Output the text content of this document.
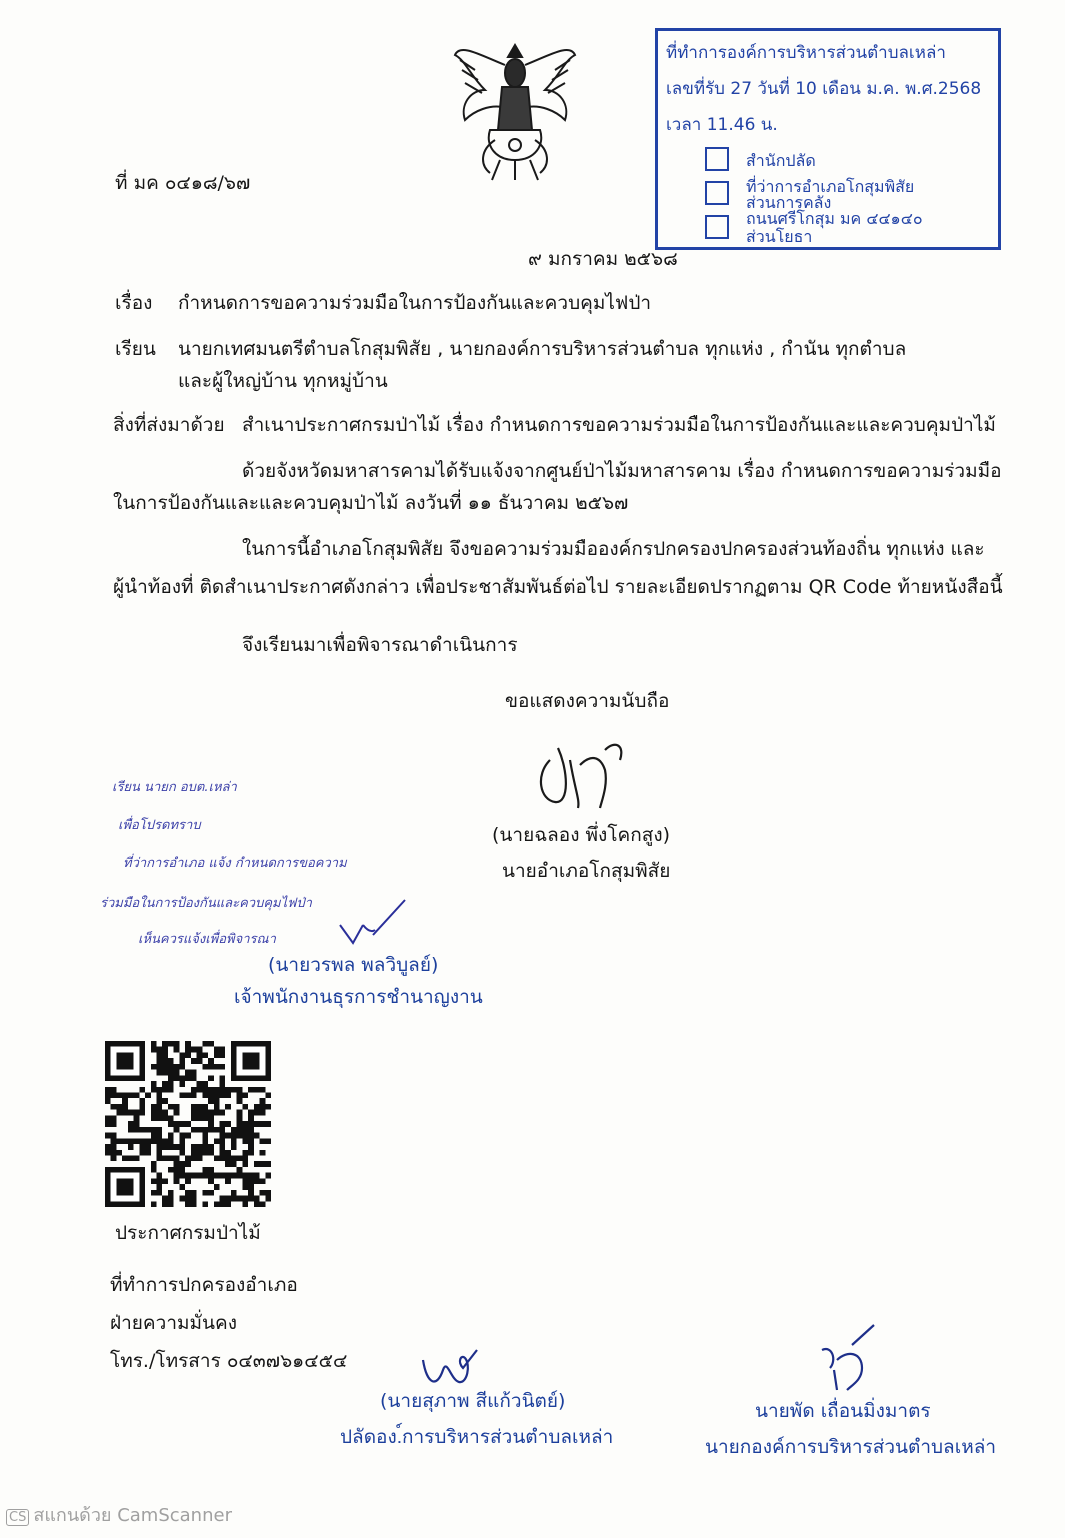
ที่ทำการองค์การบริหารส่วนตำบลเหล่า
เลขที่รับ 27 วันที่ 10 เดือน ม.ค. พ.ศ.2568
เวลา 11.46 น.
สำนักปลัด
ที่ว่าการอำเภอโกสุมพิสัย
ส่วนการคลัง
ถนนศรีโกสุม มค ๔๔๑๔๐
ส่วนโยธา
ที่ มค ๐๔๑๘/๖๗
๙ มกราคม ๒๕๖๘
เรื่อง กำหนดการขอความร่วมมือในการป้องกันและควบคุมไฟป่า
เรียน นายกเทศมนตรีตำบลโกสุมพิสัย , นายกองค์การบริหารส่วนตำบล ทุกแห่ง , กำนัน ทุกตำบล
และผู้ใหญ่บ้าน ทุกหมู่บ้าน
สิ่งที่ส่งมาด้วย สำเนาประกาศกรมป่าไม้ เรื่อง กำหนดการขอความร่วมมือในการป้องกันและและควบคุมป่าไม้
ด้วยจังหวัดมหาสารคามได้รับแจ้งจากศูนย์ป่าไม้มหาสารคาม เรื่อง กำหนดการขอความร่วมมือ
ในการป้องกันและและควบคุมป่าไม้ ลงวันที่ ๑๑ ธันวาคม ๒๕๖๗
ในการนี้อำเภอโกสุมพิสัย จึงขอความร่วมมือองค์กรปกครองปกครองส่วนท้องถิ่น ทุกแห่ง และ
ผู้นำท้องที่ ติดสำเนาประกาศดังกล่าว เพื่อประชาสัมพันธ์ต่อไป รายละเอียดปรากฏตาม QR Code ท้ายหนังสือนี้
จึงเรียนมาเพื่อพิจารณาดำเนินการ
ขอแสดงความนับถือ
(นายฉลอง พึ่งโคกสูง)
นายอำเภอโกสุมพิสัย
เรียน นายก อบต.เหล่า
เพื่อโปรดทราบ
ที่ว่าการอำเภอ แจ้ง กำหนดการขอความ
ร่วมมือในการป้องกันและควบคุมไฟป่า
เห็นควรแจ้งเพื่อพิจารณา
(นายวรพล พลวิบูลย์)
เจ้าพนักงานธุรการชำนาญงาน
ประกาศกรมป่าไม้
ที่ทำการปกครองอำเภอ
ฝ่ายความมั่นคง
โทร./โทรสาร ๐๔๓๗๖๑๔๕๔
(นายสุภาพ สีแก้วนิตย์)
ปลัดอง.์การบริหารส่วนตำบลเหล่า
นายพัด เถื่อนมิ่งมาตร
นายกองค์การบริหารส่วนตำบลเหล่า
CS สแกนด้วย CamScanner
